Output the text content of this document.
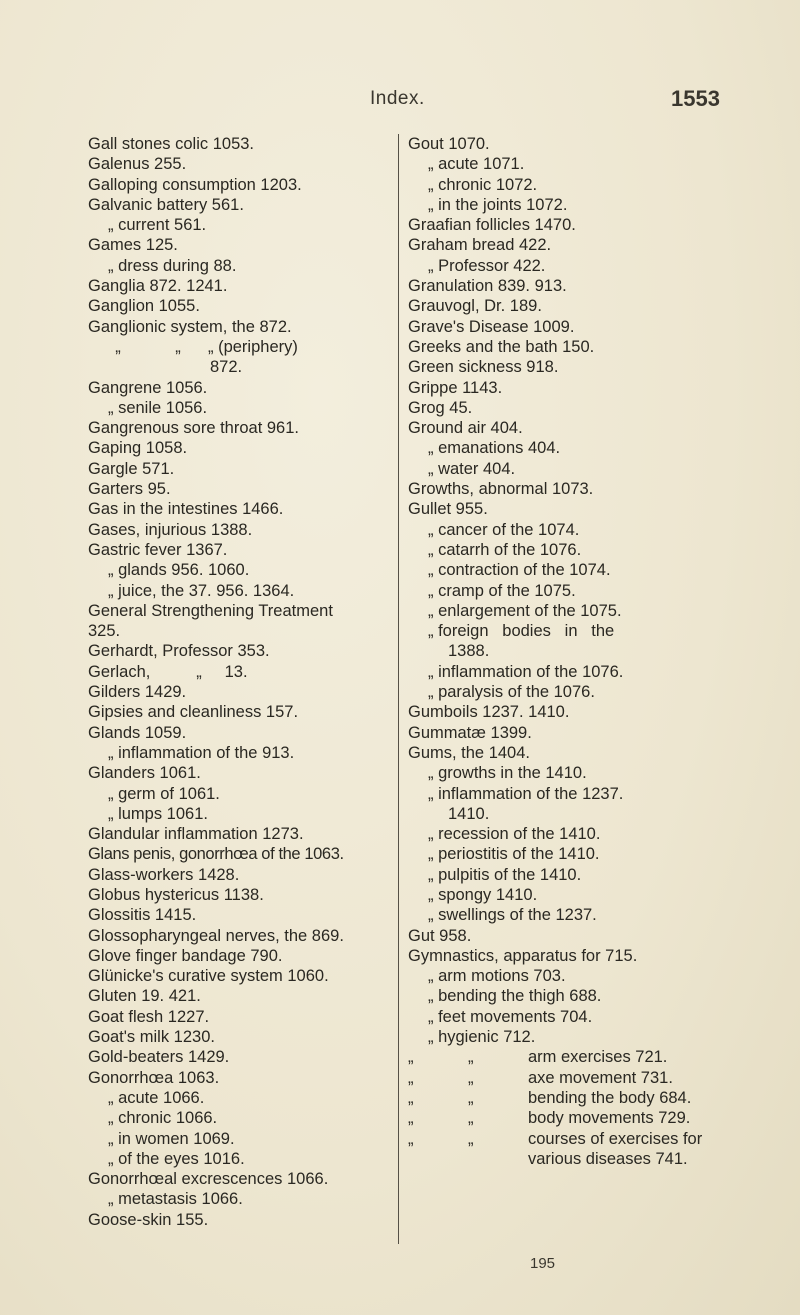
Index.	1553
Gall stones colic 1053.
Galenus 255.
Galloping consumption 1203.
Galvanic battery 561.
„ current 561.
Games 125.
„ dress during 88.
Ganglia 872. 1241.
Ganglion 1055.
Ganglionic system, the 872.
„	„ „ (periphery)
872.
Gangrene 1056.
„ senile 1056.
Gangrenous sore throat 961.
Gaping 1058.
Gargle 571.
Garters 95.
Gas in the intestines 1466.
Gases, injurious 1388.
Gastric fever 1367.
„ glands 956. 1060.
„ juice, the 37. 956. 1364.
General Strengthening Treatment
325.
Gerhardt, Professor 353.
Gerlach,          „     13.
Gilders 1429.
Gipsies and cleanliness 157.
Glands 1059.
„ inflammation of the 913.
Glanders 1061.
„ germ of 1061.
„ lumps 1061.
Glandular inflammation 1273.
Glans penis, gonorrhœa of the 1063.
Glass-workers 1428.
Globus hystericus 1138.
Glossitis 1415.
Glossopharyngeal nerves, the 869.
Glove finger bandage 790.
Glünicke's curative system 1060.
Gluten 19. 421.
Goat flesh 1227.
Goat's milk 1230.
Gold-beaters 1429.
Gonorrhœa 1063.
„ acute 1066.
„ chronic 1066.
„ in women 1069.
„ of the eyes 1016.
Gonorrhœal excrescences 1066.
„ metastasis 1066.
Goose-skin 155.
Gout 1070.
„ acute 1071.
„ chronic 1072.
„ in the joints 1072.
Graafian follicles 1470.
Graham bread 422.
„ Professor 422.
Granulation 839. 913.
Grauvogl, Dr. 189.
Grave's Disease 1009.
Greeks and the bath 150.
Green sickness 918.
Grippe 1143.
Grog 45.
Ground air 404.
„ emanations 404.
„ water 404.
Growths, abnormal 1073.
Gullet 955.
„ cancer of the 1074.
„ catarrh of the 1076.
„ contraction of the 1074.
„ cramp of the 1075.
„ enlargement of the 1075.
„ foreign   bodies   in   the
1388.
„ inflammation of the 1076.
„ paralysis of the 1076.
Gumboils 1237. 1410.
Gummatæ 1399.
Gums, the 1404.
„ growths in the 1410.
„ inflammation of the 1237.
1410.
„ recession of the 1410.
„ periostitis of the 1410.
„ pulpitis of the 1410.
„ spongy 1410.
„ swellings of the 1237.
Gut 958.
Gymnastics, apparatus for 715.
„ arm motions 703.
„ bending the thigh 688.
„ feet movements 704.
„ hygienic 712.
„	„	arm exercises 721.
„	„	axe movement 731.
„	„	bending the body 684.
„	„	body movements 729.
„	„	courses of exercises for various diseases 741.
195
